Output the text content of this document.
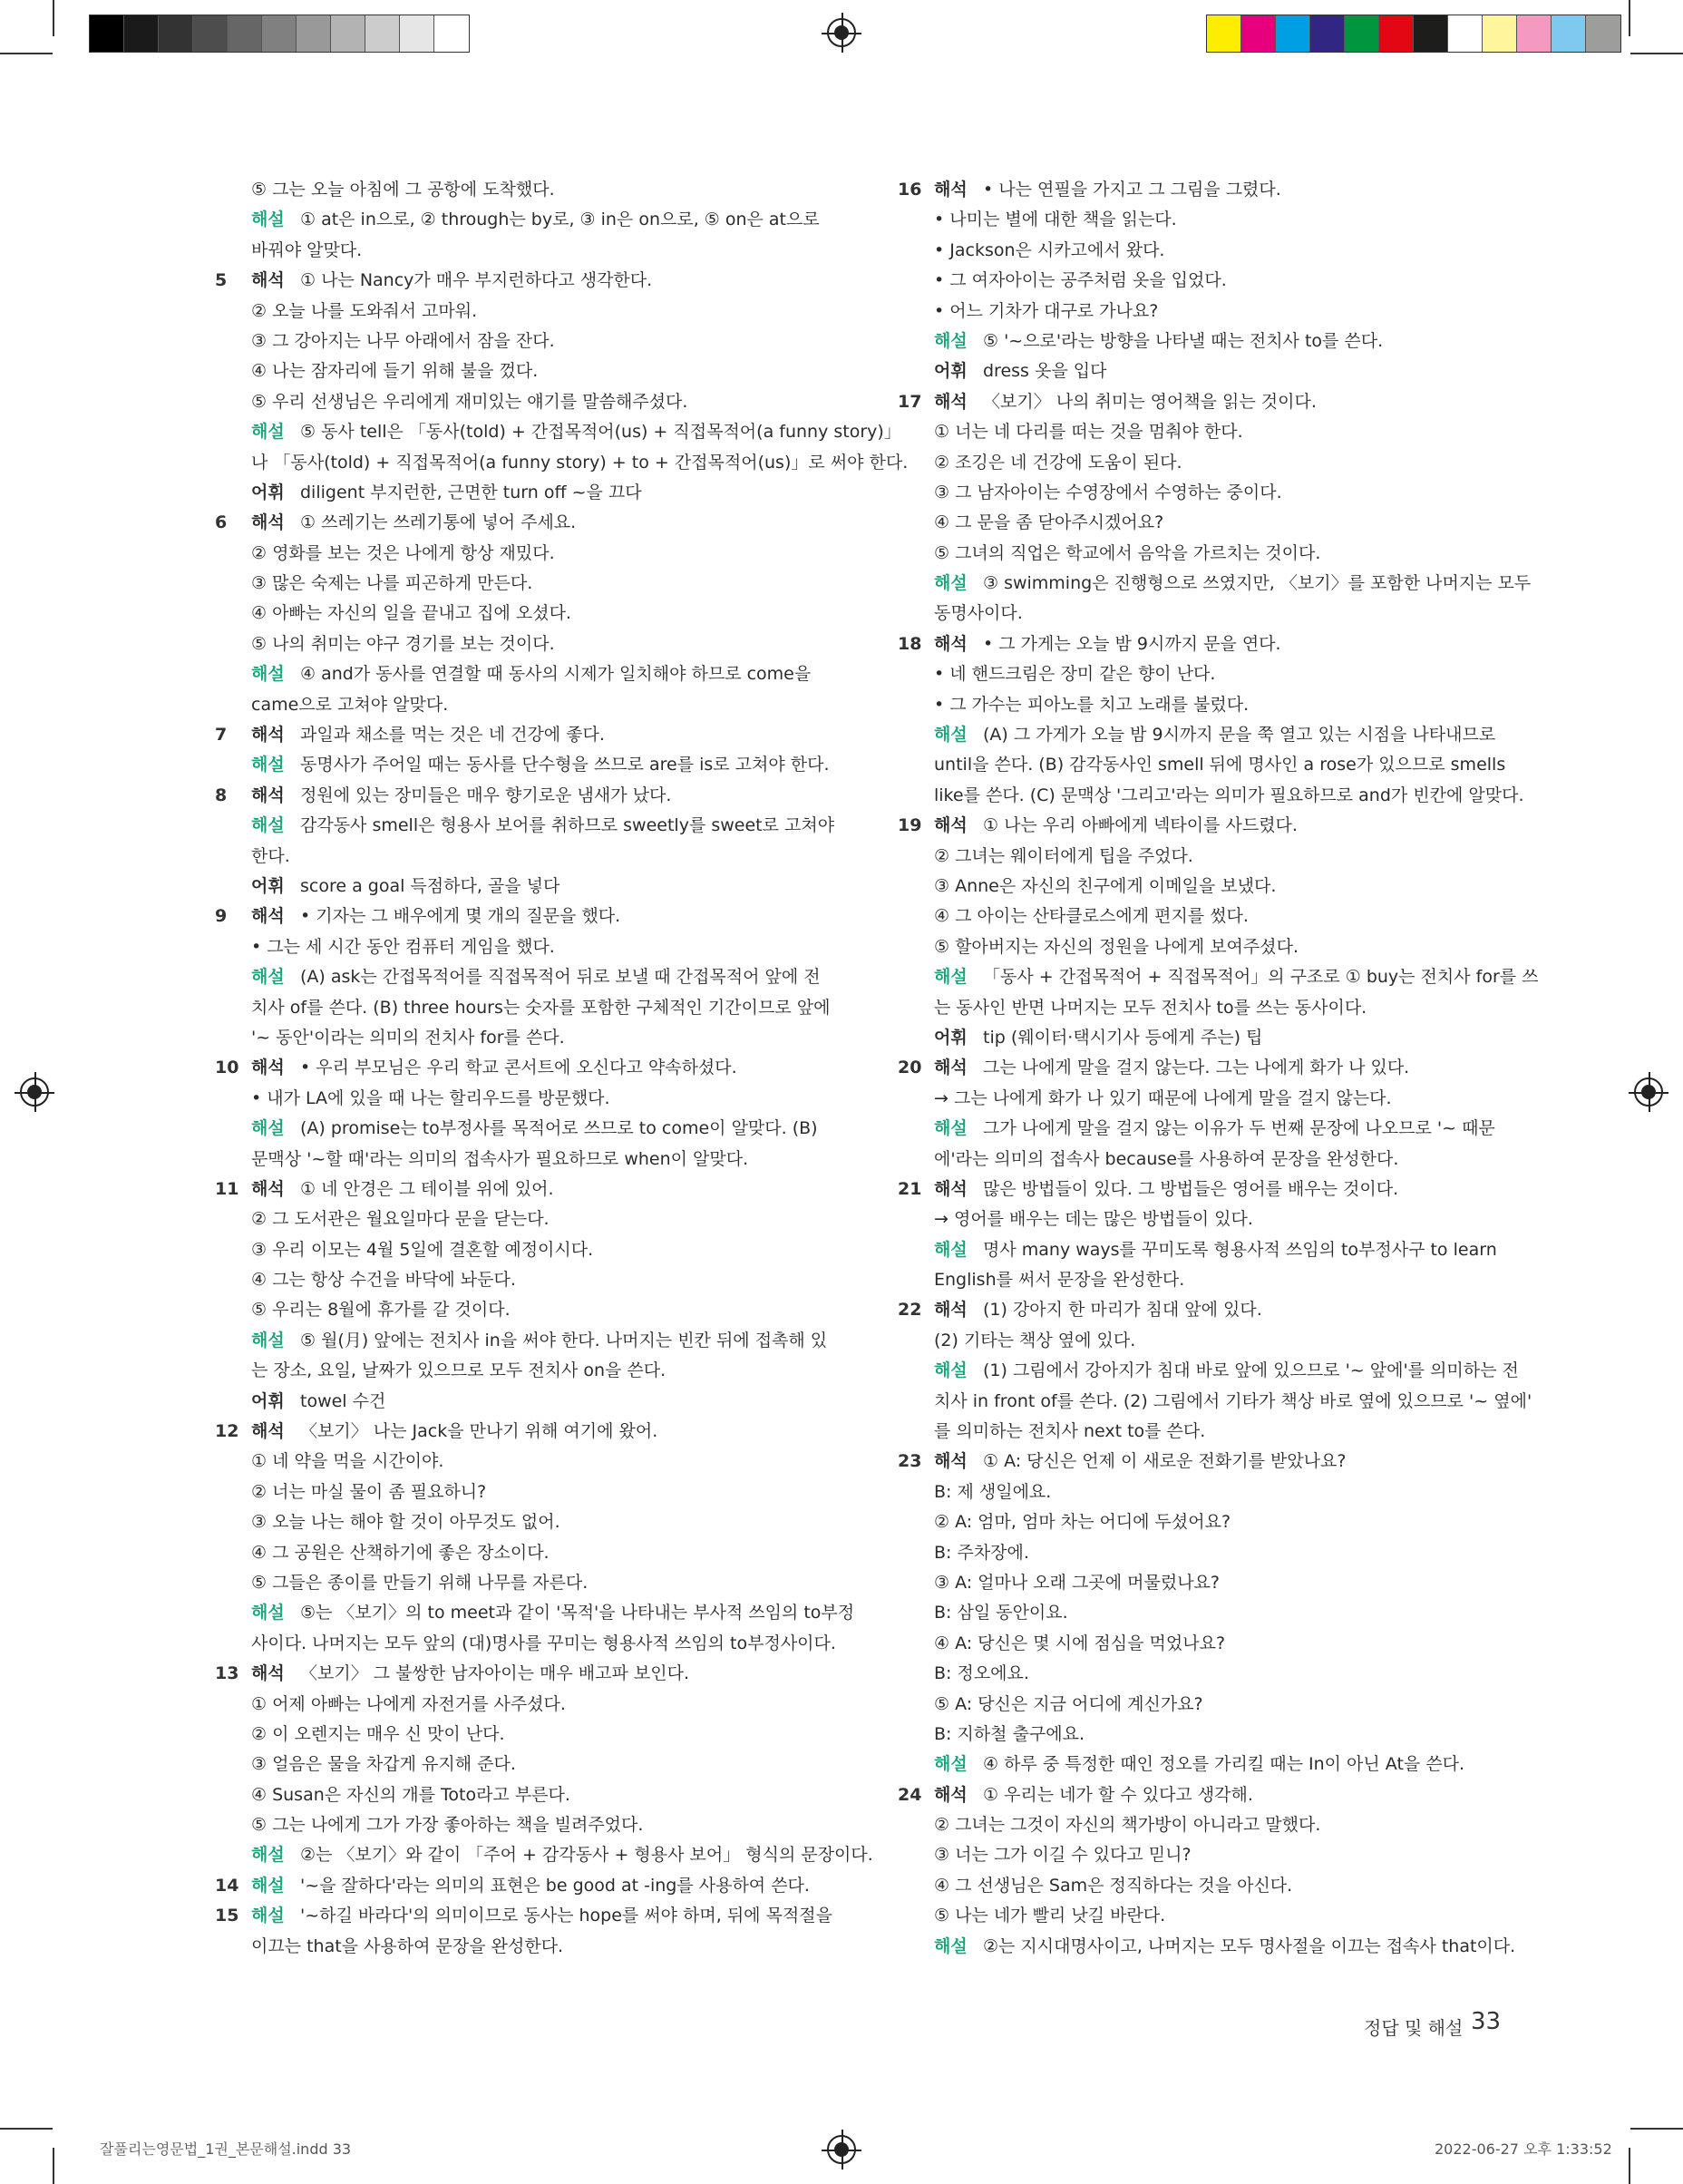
⑤ 그는 오늘 아침에 그 공항에 도착했다.
해설 ① at은 in으로, ② through는 by로, ③ in은 on으로, ⑤ on은 at으로
바꿔야 알맞다.
5	해석 ① 나는 Nancy가 매우 부지런하다고 생각한다.
② 오늘 나를 도와줘서 고마워.
③ 그 강아지는 나무 아래에서 잠을 잔다.
④ 나는 잠자리에 들기 위해 불을 껐다.
⑤ 우리 선생님은 우리에게 재미있는 얘기를 말씀해주셨다.
해설 ⑤ 동사 tell은 「동사(told) + 간접목적어(us) + 직접목적어(a funny story)」
나 「동사(told) + 직접목적어(a funny story) + to + 간접목적어(us)」로 써야 한다.
어휘 diligent 부지런한, 근면한 turn off ~을 끄다
6	해석 ① 쓰레기는 쓰레기통에 넣어 주세요.
② 영화를 보는 것은 나에게 항상 재밌다.
③ 많은 숙제는 나를 피곤하게 만든다.
④ 아빠는 자신의 일을 끝내고 집에 오셨다.
⑤ 나의 취미는 야구 경기를 보는 것이다.
해설 ④ and가 동사를 연결할 때 동사의 시제가 일치해야 하므로 come을
came으로 고쳐야 알맞다.
7	해석 과일과 채소를 먹는 것은 네 건강에 좋다.
해설 동명사가 주어일 때는 동사를 단수형을 쓰므로 are를 is로 고쳐야 한다.
8	해석 정원에 있는 장미들은 매우 향기로운 냄새가 났다.
해설 감각동사 smell은 형용사 보어를 취하므로 sweetly를 sweet로 고쳐야
한다.
어휘 score a goal 득점하다, 골을 넣다
9	해석 • 기자는 그 배우에게 몇 개의 질문을 했다.
• 그는 세 시간 동안 컴퓨터 게임을 했다.
해설 (A) ask는 간접목적어를 직접목적어 뒤로 보낼 때 간접목적어 앞에 전
치사 of를 쓴다. (B) three hours는 숫자를 포함한 구체적인 기간이므로 앞에
'~ 동안'이라는 의미의 전치사 for를 쓴다.
10 해석 • 우리 부모님은 우리 학교 콘서트에 오신다고 약속하셨다.
• 내가 LA에 있을 때 나는 할리우드를 방문했다.
해설 (A) promise는 to부정사를 목적어로 쓰므로 to come이 알맞다. (B)
문맥상 '~할 때'라는 의미의 접속사가 필요하므로 when이 알맞다.
11 해석 ① 네 안경은 그 테이블 위에 있어.
② 그 도서관은 월요일마다 문을 닫는다.
③ 우리 이모는 4월 5일에 결혼할 예정이시다.
④ 그는 항상 수건을 바닥에 놔둔다.
⑤ 우리는 8월에 휴가를 갈 것이다.
해설 ⑤ 월(月) 앞에는 전치사 in을 써야 한다. 나머지는 빈칸 뒤에 접촉해 있
는 장소, 요일, 날짜가 있으므로 모두 전치사 on을 쓴다.
어휘 towel 수건
12 해석 〈보기〉 나는 Jack을 만나기 위해 여기에 왔어.
① 네 약을 먹을 시간이야.
② 너는 마실 물이 좀 필요하니?
③ 오늘 나는 해야 할 것이 아무것도 없어.
④ 그 공원은 산책하기에 좋은 장소이다.
⑤ 그들은 종이를 만들기 위해 나무를 자른다.
해설 ⑤는 〈보기〉의 to meet과 같이 '목적'을 나타내는 부사적 쓰임의 to부정
사이다. 나머지는 모두 앞의 (대)명사를 꾸미는 형용사적 쓰임의 to부정사이다.
13 해석 〈보기〉 그 불쌍한 남자아이는 매우 배고파 보인다.
① 어제 아빠는 나에게 자전거를 사주셨다.
② 이 오렌지는 매우 신 맛이 난다.
③ 얼음은 물을 차갑게 유지해 준다.
④ Susan은 자신의 개를 Toto라고 부른다.
⑤ 그는 나에게 그가 가장 좋아하는 책을 빌려주었다.
해설 ②는 〈보기〉와 같이 「주어 + 감각동사 + 형용사 보어」 형식의 문장이다.
14 해설 '~을 잘하다'라는 의미의 표현은 be good at -ing를 사용하여 쓴다.
15 해설 '~하길 바라다'의 의미이므로 동사는 hope를 써야 하며, 뒤에 목적절을
이끄는 that을 사용하여 문장을 완성한다.
16 해석 • 나는 연필을 가지고 그 그림을 그렸다.
• 나미는 별에 대한 책을 읽는다.
• Jackson은 시카고에서 왔다.
• 그 여자아이는 공주처럼 옷을 입었다.
• 어느 기차가 대구로 가나요?
해설 ⑤ '~으로'라는 방향을 나타낼 때는 전치사 to를 쓴다.
어휘 dress 옷을 입다
17 해석 〈보기〉 나의 취미는 영어책을 읽는 것이다.
① 너는 네 다리를 떠는 것을 멈춰야 한다.
② 조깅은 네 건강에 도움이 된다.
③ 그 남자아이는 수영장에서 수영하는 중이다.
④ 그 문을 좀 닫아주시겠어요?
⑤ 그녀의 직업은 학교에서 음악을 가르치는 것이다.
해설 ③ swimming은 진행형으로 쓰였지만, 〈보기〉를 포함한 나머지는 모두
동명사이다.
18 해석 • 그 가게는 오늘 밤 9시까지 문을 연다.
• 네 핸드크림은 장미 같은 향이 난다.
• 그 가수는 피아노를 치고 노래를 불렀다.
해설 (A) 그 가게가 오늘 밤 9시까지 문을 쭉 열고 있는 시점을 나타내므로
until을 쓴다. (B) 감각동사인 smell 뒤에 명사인 a rose가 있으므로 smells
like를 쓴다. (C) 문맥상 '그리고'라는 의미가 필요하므로 and가 빈칸에 알맞다.
19 해석 ① 나는 우리 아빠에게 넥타이를 사드렸다.
② 그녀는 웨이터에게 팁을 주었다.
③ Anne은 자신의 친구에게 이메일을 보냈다.
④ 그 아이는 산타클로스에게 편지를 썼다.
⑤ 할아버지는 자신의 정원을 나에게 보여주셨다.
해설 「동사 + 간접목적어 + 직접목적어」의 구조로 ① buy는 전치사 for를 쓰
는 동사인 반면 나머지는 모두 전치사 to를 쓰는 동사이다.
어휘 tip (웨이터·택시기사 등에게 주는) 팁
20 해석 그는 나에게 말을 걸지 않는다. 그는 나에게 화가 나 있다.
→ 그는 나에게 화가 나 있기 때문에 나에게 말을 걸지 않는다.
해설 그가 나에게 말을 걸지 않는 이유가 두 번째 문장에 나오므로 '~ 때문
에'라는 의미의 접속사 because를 사용하여 문장을 완성한다.
21 해석 많은 방법들이 있다. 그 방법들은 영어를 배우는 것이다.
→ 영어를 배우는 데는 많은 방법들이 있다.
해설 명사 many ways를 꾸미도록 형용사적 쓰임의 to부정사구 to learn
English를 써서 문장을 완성한다.
22 해석 (1) 강아지 한 마리가 침대 앞에 있다.
(2) 기타는 책상 옆에 있다.
해설 (1) 그림에서 강아지가 침대 바로 앞에 있으므로 '~ 앞에'를 의미하는 전
치사 in front of를 쓴다. (2) 그림에서 기타가 책상 바로 옆에 있으므로 '~ 옆에'
를 의미하는 전치사 next to를 쓴다.
23 해석 ① A: 당신은 언제 이 새로운 전화기를 받았나요?
B: 제 생일에요.
② A: 엄마, 엄마 차는 어디에 두셨어요?
B: 주차장에.
③ A: 얼마나 오래 그곳에 머물렀나요?
B: 삼일 동안이요.
④ A: 당신은 몇 시에 점심을 먹었나요?
B: 정오에요.
⑤ A: 당신은 지금 어디에 계신가요?
B: 지하철 출구에요.
해설 ④ 하루 중 특정한 때인 정오를 가리킬 때는 In이 아닌 At을 쓴다.
24 해석 ① 우리는 네가 할 수 있다고 생각해.
② 그녀는 그것이 자신의 책가방이 아니라고 말했다.
③ 너는 그가 이길 수 있다고 믿니?
④ 그 선생님은 Sam은 정직하다는 것을 아신다.
⑤ 나는 네가 빨리 낫길 바란다.
해설 ②는 지시대명사이고, 나머지는 모두 명사절을 이끄는 접속사 that이다.
정답 및 해설 33
잘풀리는영문법_1권_본문해설.indd 33	2022-06-27 오후 1:33:52
